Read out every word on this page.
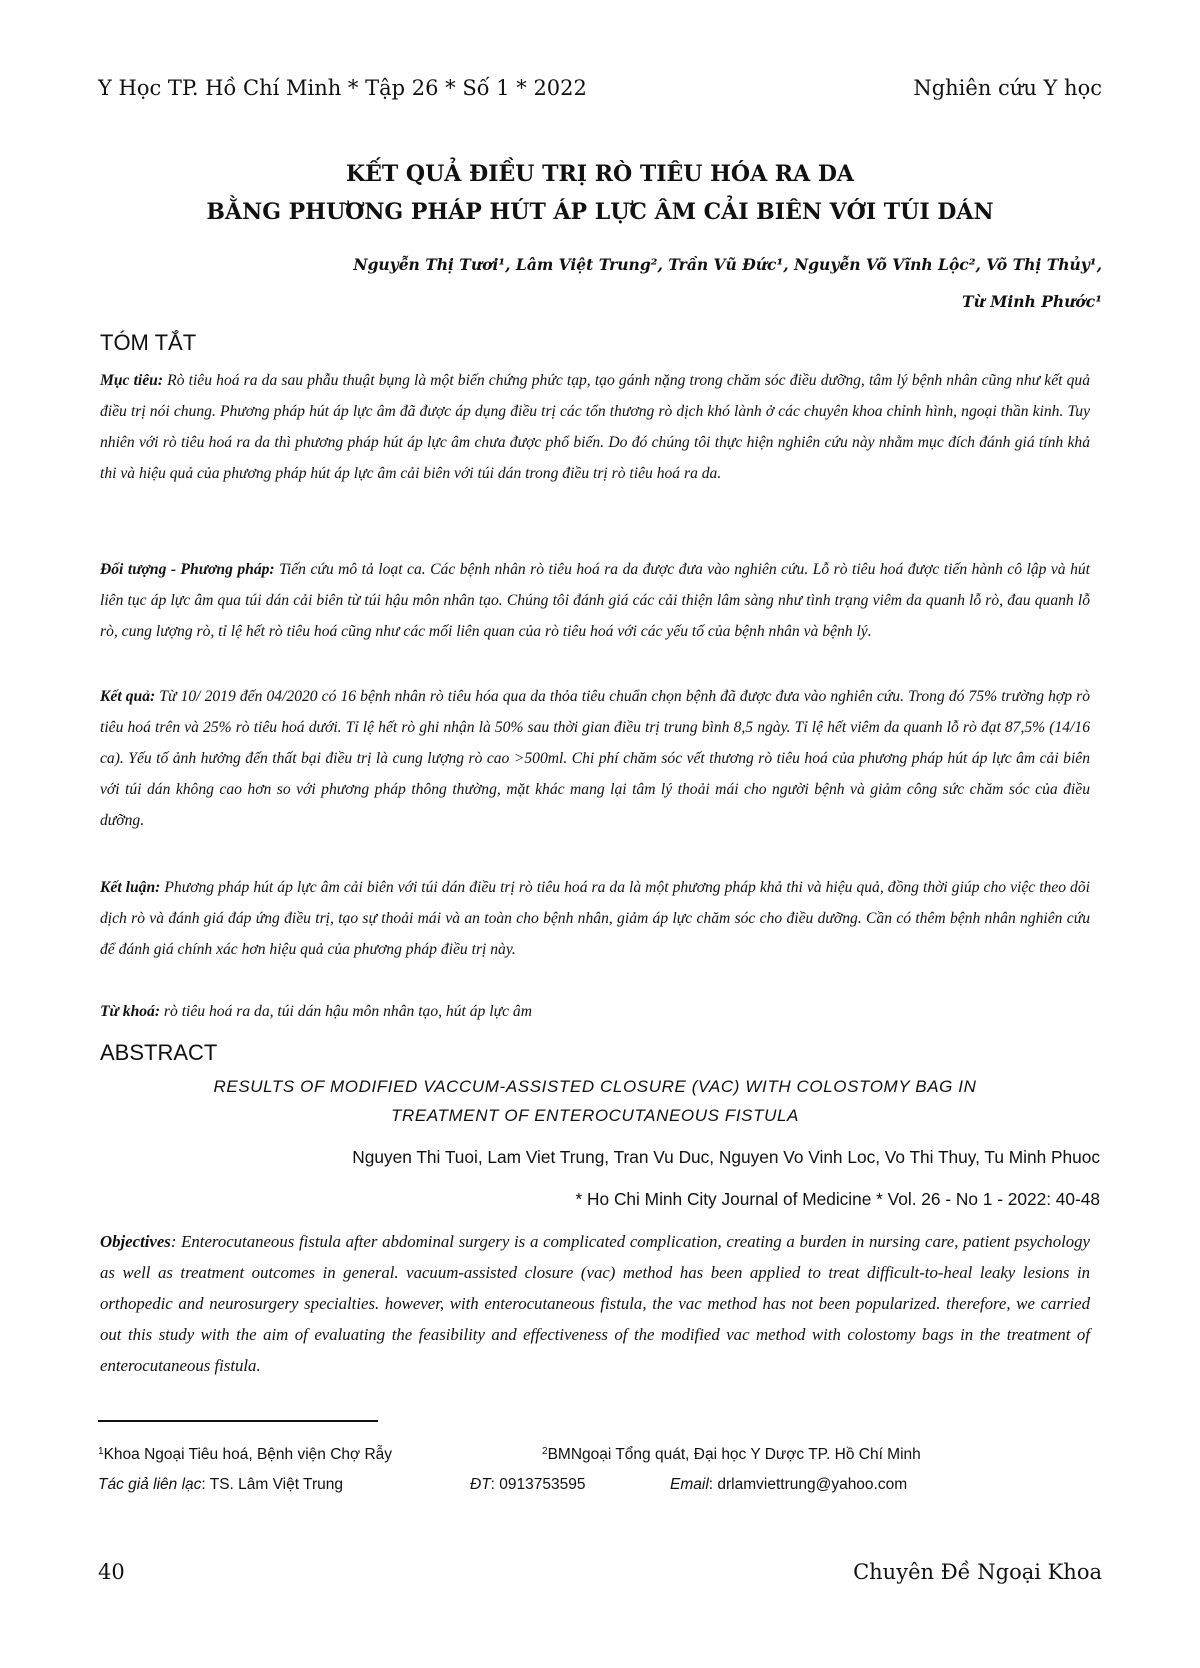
Y Học TP. Hồ Chí Minh * Tập 26 * Số 1 * 2022	Nghiên cứu Y học
KẾT QUẢ ĐIỀU TRỊ RÒ TIÊU HÓA RA DA
BẰNG PHƯƠNG PHÁP HÚT ÁP LỰC ÂM CẢI BIÊN VỚI TÚI DÁN
Nguyễn Thị Tươi¹, Lâm Việt Trung², Trần Vũ Đức¹, Nguyễn Võ Vĩnh Lộc², Võ Thị Thủy¹,
Từ Minh Phước¹
TÓM TẮT

Mục tiêu: Rò tiêu hoá ra da sau phẫu thuật bụng là một biến chứng phức tạp, tạo gánh nặng trong chăm sóc điều dưỡng, tâm lý bệnh nhân cũng như kết quả điều trị nói chung. Phương pháp hút áp lực âm đã được áp dụng điều trị các tổn thương rò dịch khó lành ở các chuyên khoa chỉnh hình, ngoại thần kinh. Tuy nhiên với rò tiêu hoá ra da thì phương pháp hút áp lực âm chưa được phổ biến. Do đó chúng tôi thực hiện nghiên cứu này nhằm mục đích đánh giá tính khả thi và hiệu quả của phương pháp hút áp lực âm cải biên với túi dán trong điều trị rò tiêu hoá ra da.

Đối tượng - Phương pháp: Tiến cứu mô tả loạt ca. Các bệnh nhân rò tiêu hoá ra da được đưa vào nghiên cứu. Lỗ rò tiêu hoá được tiến hành cô lập và hút liên tục áp lực âm qua túi dán cải biên từ túi hậu môn nhân tạo. Chúng tôi đánh giá các cải thiện lâm sàng như tình trạng viêm da quanh lỗ rò, đau quanh lỗ rò, cung lượng rò, tỉ lệ hết rò tiêu hoá cũng như các mối liên quan của rò tiêu hoá với các yếu tố của bệnh nhân và bệnh lý.

Kết quả: Từ 10/ 2019 đến 04/2020 có 16 bệnh nhân rò tiêu hóa qua da thỏa tiêu chuẩn chọn bệnh đã được đưa vào nghiên cứu. Trong đó 75% trường hợp rò tiêu hoá trên và 25% rò tiêu hoá dưới. Tỉ lệ hết rò ghi nhận là 50% sau thời gian điều trị trung bình 8,5 ngày. Tỉ lệ hết viêm da quanh lỗ rò đạt 87,5% (14/16 ca). Yếu tố ảnh hưởng đến thất bại điều trị là cung lượng rò cao >500ml. Chi phí chăm sóc vết thương rò tiêu hoá của phương pháp hút áp lực âm cải biên với túi dán không cao hơn so với phương pháp thông thường, mặt khác mang lại tâm lý thoải mái cho người bệnh và giảm công sức chăm sóc của điều dưỡng.

Kết luận: Phương pháp hút áp lực âm cải biên với túi dán điều trị rò tiêu hoá ra da là một phương pháp khả thi và hiệu quả, đồng thời giúp cho việc theo dõi dịch rò và đánh giá đáp ứng điều trị, tạo sự thoải mái và an toàn cho bệnh nhân, giảm áp lực chăm sóc cho điều dưỡng. Cần có thêm bệnh nhân nghiên cứu để đánh giá chính xác hơn hiệu quả của phương pháp điều trị này.

Từ khoá: rò tiêu hoá ra da, túi dán hậu môn nhân tạo, hút áp lực âm

ABSTRACT
RESULTS OF MODIFIED VACCUM-ASSISTED CLOSURE (VAC) WITH COLOSTOMY BAG IN
TREATMENT OF ENTEROCUTANEOUS FISTULA
Nguyen Thi Tuoi, Lam Viet Trung, Tran Vu Duc, Nguyen Vo Vinh Loc, Vo Thi Thuy, Tu Minh Phuoc
* Ho Chi Minh City Journal of Medicine * Vol. 26 - No 1 - 2022: 40-48

Objectives: Enterocutaneous fistula after abdominal surgery is a complicated complication, creating a burden in nursing care, patient psychology as well as treatment outcomes in general. vacuum-assisted closure (vac) method has been applied to treat difficult-to-heal leaky lesions in orthopedic and neurosurgery specialties. however, with enterocutaneous fistula, the vac method has not been popularized. therefore, we carried out this study with the aim of evaluating the feasibility and effectiveness of the modified vac method with colostomy bags in the treatment of enterocutaneous fistula.

$^1$Khoa Ngoại Tiêu hoá, Bệnh viện Chợ Rẫy	$^2$BMNgoại Tổng quát, Đại học Y Dược TP. Hồ Chí Minh
Tác giả liên lạc: TS. Lâm Việt Trung	ĐT: 0913753595	Email: drlamviettrung@yahoo.com
40	Chuyên Đề Ngoại Khoa
